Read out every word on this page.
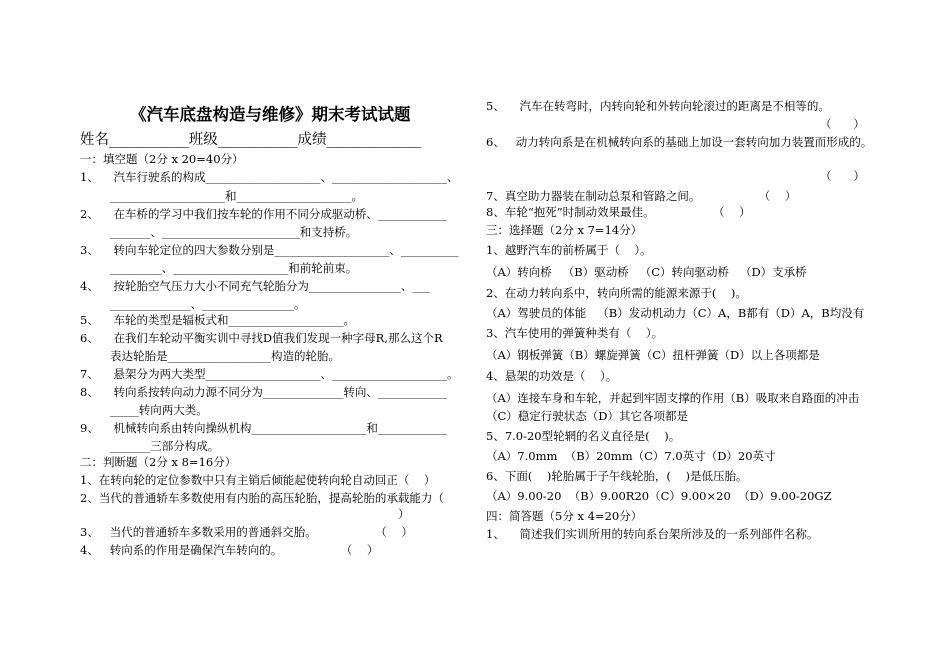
《汽车底盘构造与维修》期末考试试题
姓名___________班级___________成绩_____________
一：填空题（2分 x 20=40分）
1、    汽车行驶系的构成____________________、____________________、
____________________和____________________。
2、    在车桥的学习中我们按车轮的作用不同分成驱动桥、____________
_______、________________________和支持桥。
3、    转向车轮定位的四大参数分别是____________________、__________
_________、____________________和前轮前束。
4、    按轮胎空气压力大小不同充气轮胎分为________________、___
______________、________________。
5、    车轮的类型是辐板式和____________________。
6、    在我们车轮动平衡实训中寻找D值我们发现一种字母R,那么这个R
表达轮胎是__________________构造的轮胎。
7、    悬架分为两大类型____________________、____________________。
8、    转向系按转向动力源不同分为______________转向、____________
_____转向两大类。
9、    机械转向系由转向操纵机构____________________和____________
_______三部分构成。
二：判断题（2分 x 8=16分）
1、在转向轮的定位参数中只有主销后倾能起使转向轮自动回正（    ）
2、当代的普通轿车多数使用有内胎的高压轮胎，提高轮胎的承载能力（
）
3、   当代的普通轿车多数采用的普通斜交胎。                （    ）
4、   转向系的作用是确保汽车转向的。                （    ）
5、    汽车在转弯时，内转向轮和外转向轮滚过的距离是不相等的。
（      ）
6、   动力转向系是在机械转向系的基础上加设一套转向加力装置而形成的。
（      ）
7、真空助力器装在制动总泵和管路之间。                （    ）
8、车轮“抱死”时制动效果最佳。                （    ）
三：选择题（2分 x 7=14分）
1、越野汽车的前桥属于（    ）。
（A）转向桥   （B）驱动桥   （C）转向驱动桥   （D）支承桥
2、在动力转向系中，转向所需的能源来源于(    )。
（A）驾驶员的体能   （B）发动机动力（C）A，B都有（D）A，B均没有
3、汽车使用的弹簧种类有（    ）。
（A）钢板弹簧（B）螺旋弹簧（C）扭杆弹簧（D）以上各项都是
4、悬架的功效是（    ）。
（A）连接车身和车轮，并起到牢固支撑的作用（B）吸取来自路面的冲击
（C）稳定行驶状态（D）其它各项都是
5、7.0-20型轮辋的名义直径是(    )。
（A）7.0mm  （B）20mm（C）7.0英寸（D）20英寸
6、下面(    )轮胎属于子午线轮胎，(    )是低压胎。
（A）9.00-20  （B）9.00R20（C）9.00×20  （D）9.00-20GZ
四：简答题（5分 x 4=20分）
1、    简述我们实训所用的转向系台架所涉及的一系列部件名称。
